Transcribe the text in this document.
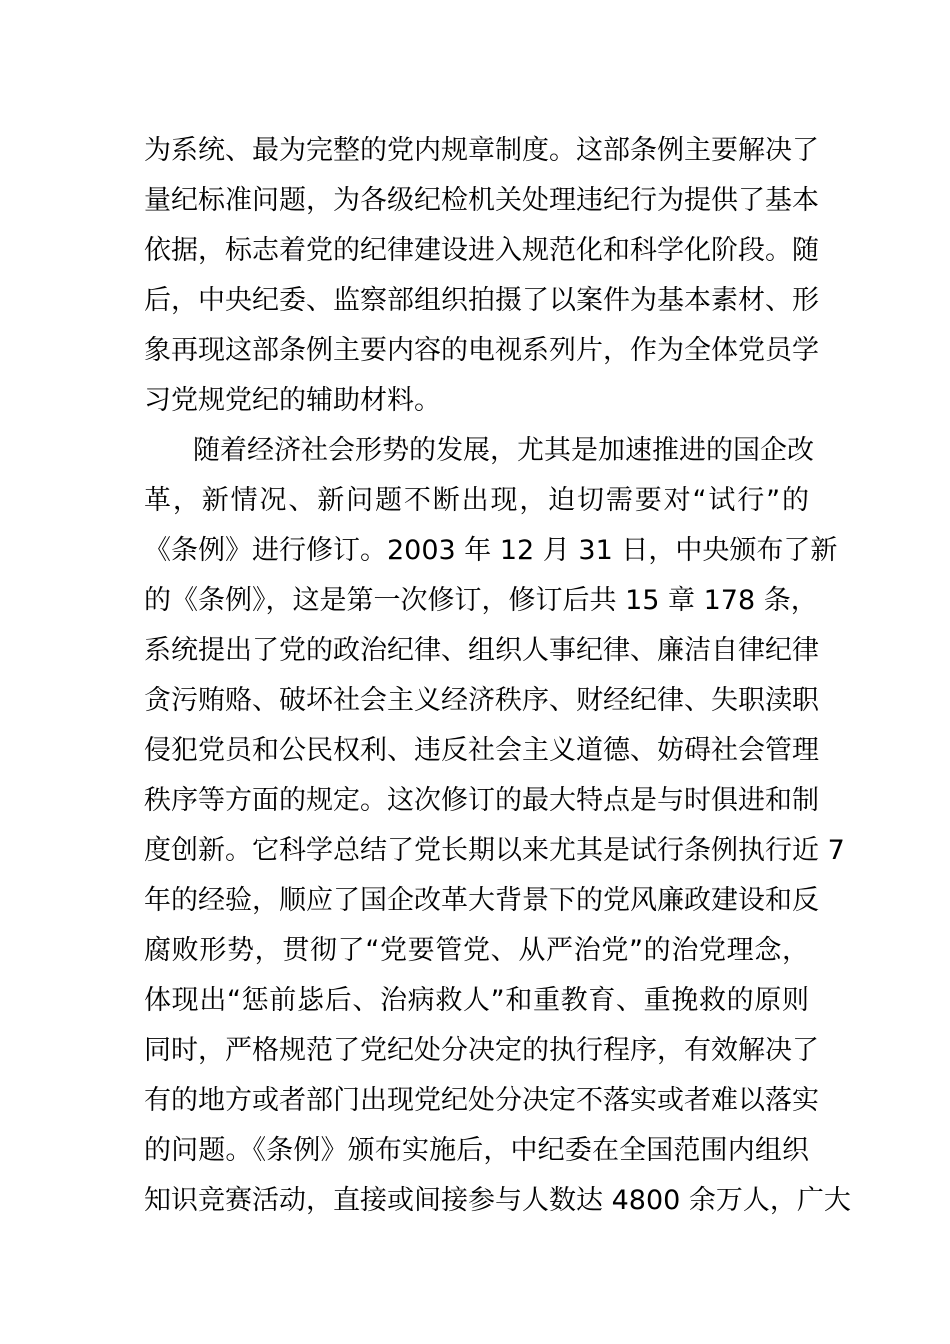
为系统、最为完整的党内规章制度。这部条例主要解决了
量纪标准问题，为各级纪检机关处理违纪行为提供了基本
依据，标志着党的纪律建设进入规范化和科学化阶段。随
后，中央纪委、监察部组织拍摄了以案件为基本素材、形
象再现这部条例主要内容的电视系列片，作为全体党员学
习党规党纪的辅助材料。
随着经济社会形势的发展，尤其是加速推进的国企改
革，新情况、新问题不断出现，迫切需要对“试行”的
《条例》进行修订。2003 年 12 月 31 日，中央颁布了新
的《条例》，这是第一次修订，修订后共 15 章 178 条，
系统提出了党的政治纪律、组织人事纪律、廉洁自律纪律
贪污贿赂、破坏社会主义经济秩序、财经纪律、失职渎职
侵犯党员和公民权利、违反社会主义道德、妨碍社会管理
秩序等方面的规定。这次修订的最大特点是与时俱进和制
度创新。它科学总结了党长期以来尤其是试行条例执行近 7
年的经验，顺应了国企改革大背景下的党风廉政建设和反
腐败形势，贯彻了“党要管党、从严治党”的治党理念，
体现出“惩前毖后、治病救人”和重教育、重挽救的原则
同时，严格规范了党纪处分决定的执行程序，有效解决了
有的地方或者部门出现党纪处分决定不落实或者难以落实
的问题。《条例》颁布实施后，中纪委在全国范围内组织
知识竞赛活动，直接或间接参与人数达 4800 余万人，广大
